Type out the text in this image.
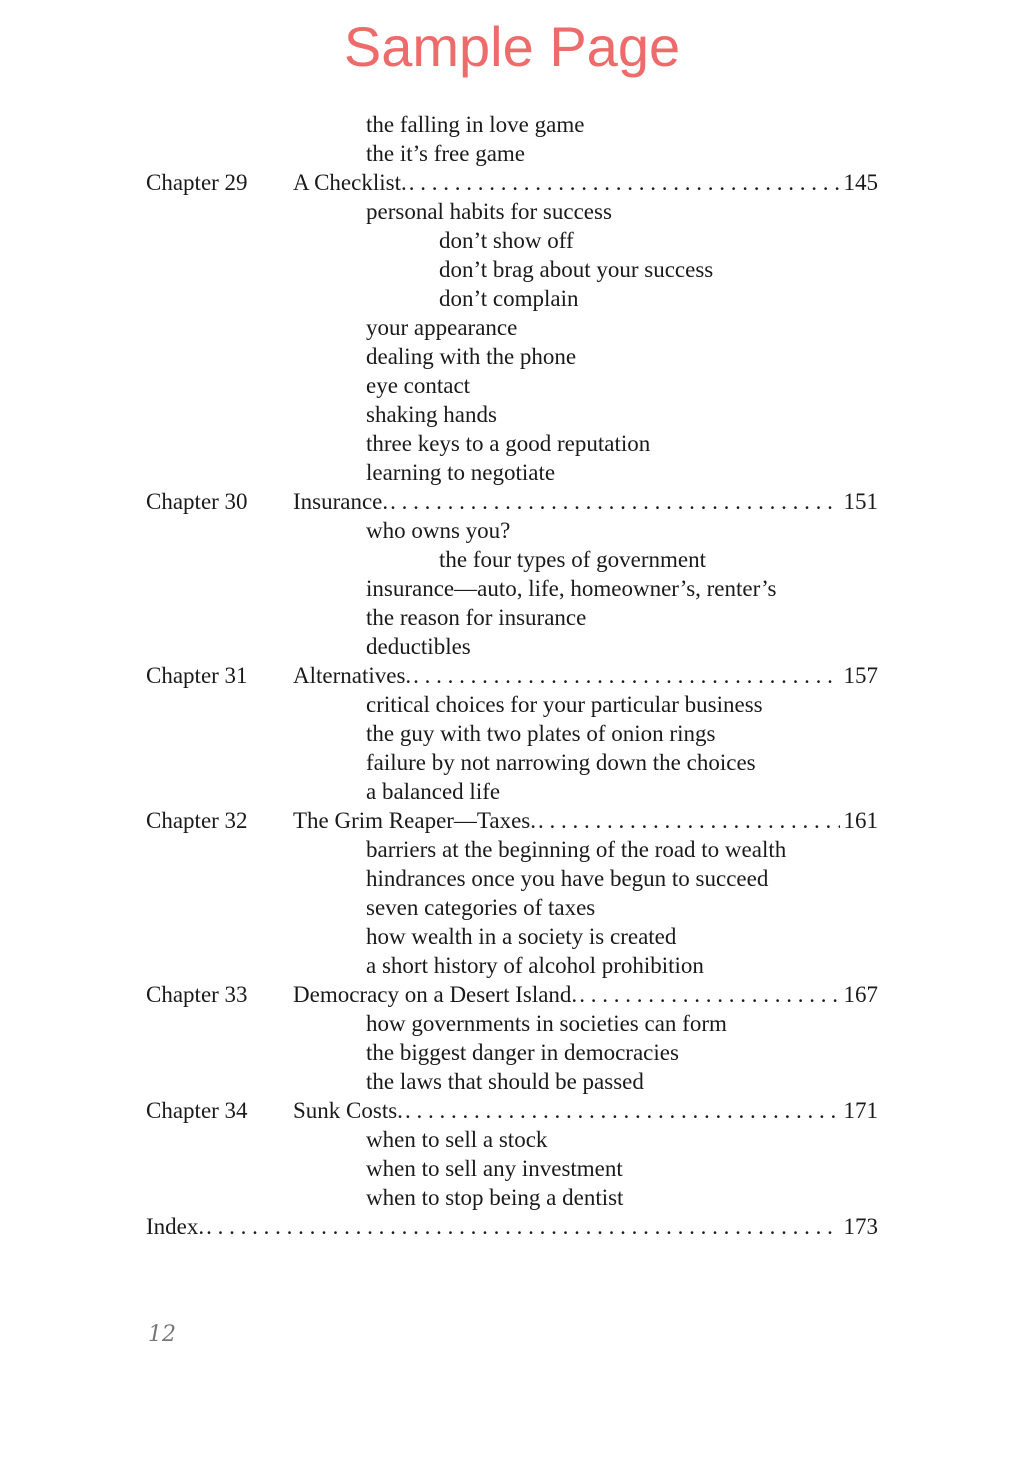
Sample Page
the falling in love game
the it’s free game
Chapter 29 A Checklist. . . .	145
personal habits for success
don’t show off
don’t brag about your success
don’t complain
your appearance
dealing with the phone
eye contact
shaking hands
three keys to a good reputation
learning to negotiate
Chapter 30 Insurance. . . .	151
who owns you?
the four types of government
insurance—auto, life, homeowner’s, renter’s
the reason for insurance
deductibles
Chapter 31 Alternatives. . . .	157
critical choices for your particular business
the guy with two plates of onion rings
failure by not narrowing down the choices
a balanced life
Chapter 32 The Grim Reaper—Taxes. . . .	161
barriers at the beginning of the road to wealth
hindrances once you have begun to succeed
seven categories of taxes
how wealth in a society is created
a short history of alcohol prohibition
Chapter 33 Democracy on a Desert Island. . . .	167
how governments in societies can form
the biggest danger in democracies
the laws that should be passed
Chapter 34 Sunk Costs. . . .	171
when to sell a stock
when to sell any investment
when to stop being a dentist
Index. . . .	173
12
